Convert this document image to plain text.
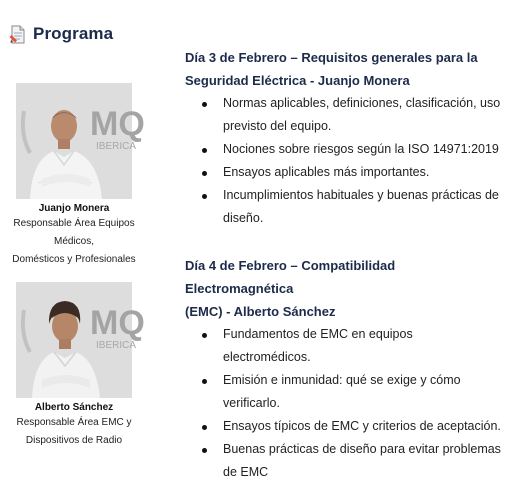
Programa
MQ
IBERICA
Juanjo Monera
Responsable Área Equipos Médicos,
Domésticos y Profesionales
MQ
IBERICA
Alberto Sánchez
Responsable Área EMC y
Dispositivos de Radio
Día 3 de Febrero – Requisitos generales para la
Seguridad Eléctrica - Juanjo Monera
Normas aplicables, definiciones, clasificación, uso
previsto del equipo.
Nociones sobre riesgos según la ISO 14971:2019
Ensayos aplicables más importantes.
Incumplimientos habituales y buenas prácticas de
diseño.
Día 4 de Febrero – Compatibilidad Electromagnética
(EMC) - Alberto Sánchez
Fundamentos de EMC en equipos
electromédicos.
Emisión e inmunidad: qué se exige y cómo
verificarlo.
Ensayos típicos de EMC y criterios de aceptación.
Buenas prácticas de diseño para evitar problemas
de EMC
